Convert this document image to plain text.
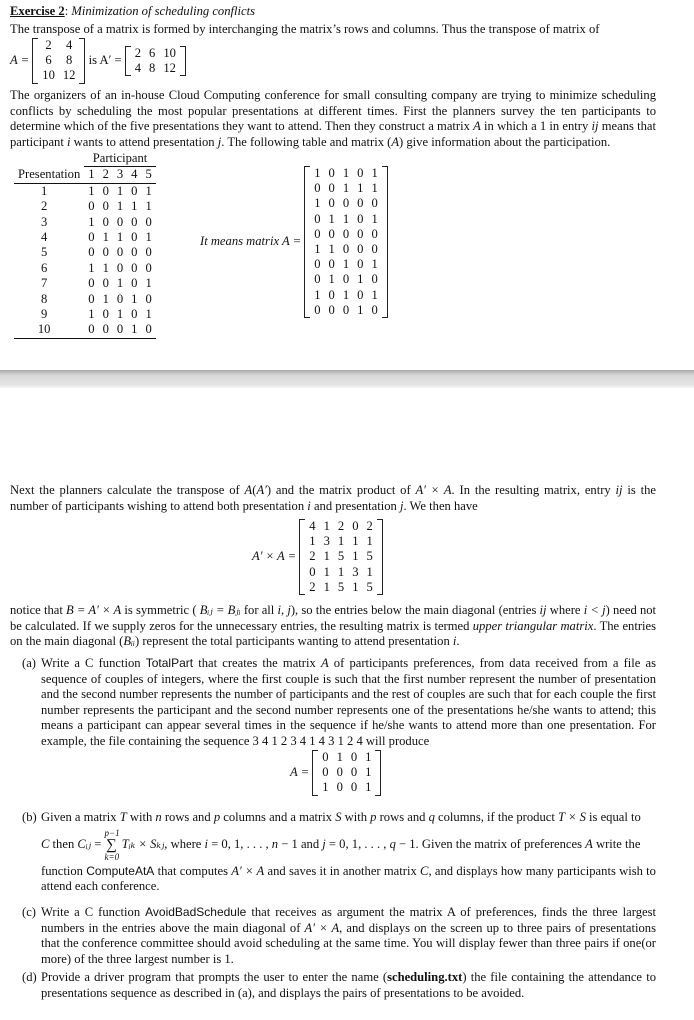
Exercise 2: Minimization of scheduling conflicts
The transpose of a matrix is formed by interchanging the matrix’s rows and columns. Thus the transpose of matrix of
A =

2	4
6	8
10	12

is A′ =

2	6	10
4	8	12
The organizers of an in-house Cloud Computing conference for small consulting company are trying to minimize scheduling conflicts by scheduling the most popular presentations at different times. First the planners survey the ten participants to determine which of the five presentations they want to attend. Then they construct a matrix A in which a 1 in entry ij means that participant i wants to attend presentation j. The following table and matrix (A) give information about the participation.
	Participant				
Presentation	1	2	3	4	5
1	1	0	1	0	1
2	0	0	1	1	1
3	1	0	0	0	0
4	0	1	1	0	1
5	0	0	0	0	0
6	1	1	0	0	0
7	0	0	1	0	1
8	0	1	0	1	0
9	1	0	1	0	1
10	0	0	0	1	0
It means matrix A =

1	0	1	0	1
0	0	1	1	1
1	0	0	0	0
0	1	1	0	1
0	0	0	0	0
1	1	0	0	0
0	0	1	0	1
0	1	0	1	0
1	0	1	0	1
0	0	0	1	0
Next the planners calculate the transpose of A(A′) and the matrix product of A′ × A. In the resulting matrix, entry ij is the number of participants wishing to attend both presentation i and presentation j. We then have
A′ × A =

4	1	2	0	2
1	3	1	1	1
2	1	5	1	5
0	1	1	3	1
2	1	5	1	5
notice that B = A′ × A is symmetric ( Bᵢⱼ = Bⱼᵢ for all i, j), so the entries below the main diagonal (entries ij where i < j) need not be calculated. If we supply zeros for the unnecessary entries, the resulting matrix is termed upper triangular matrix. The entries on the main diagonal (Bᵢᵢ) represent the total participants wanting to attend presentation i.
(a) Write a C function TotalPart that creates the matrix A of participants preferences, from data received from a file as sequence of couples of integers, where the first couple is such that the first number represent the number of presentation and the second number represents the number of participants and the rest of couples are such that for each couple the first number represents the participant and the second number represents one of the presentations he/she wants to attend; this means a participant can appear several times in the sequence if he/she wants to attend more than one presentation. For example, the file containing the sequence 3 4 1 2 3 4 1 4 3 1 2 4 will produce
A =

0	1	0	1
0	0	0	1
1	0	0	1
(b) Given a matrix T with n rows and p columns and a matrix S with p rows and q columns, if the product T × S is equal to
C then Cᵢⱼ =
p−1
∑
k=0
Tᵢₖ × Sₖⱼ, where i = 0, 1, . . . , n − 1 and j = 0, 1, . . . , q − 1. Given the matrix of preferences A write the
function ComputeAtA that computes A′ × A and saves it in another matrix C, and displays how many participants wish to attend each conference.
(c) Write a C function AvoidBadSchedule that receives as argument the matrix A of preferences, finds the three largest numbers in the entries above the main diagonal of A′ × A, and displays on the screen up to three pairs of presentations that the conference committee should avoid scheduling at the same time. You will display fewer than three pairs if one(or more) of the three largest number is 1.
(d) Provide a driver program that prompts the user to enter the name (scheduling.txt) the file containing the attendance to presentations sequence as described in (a), and displays the pairs of presentations to be avoided.
